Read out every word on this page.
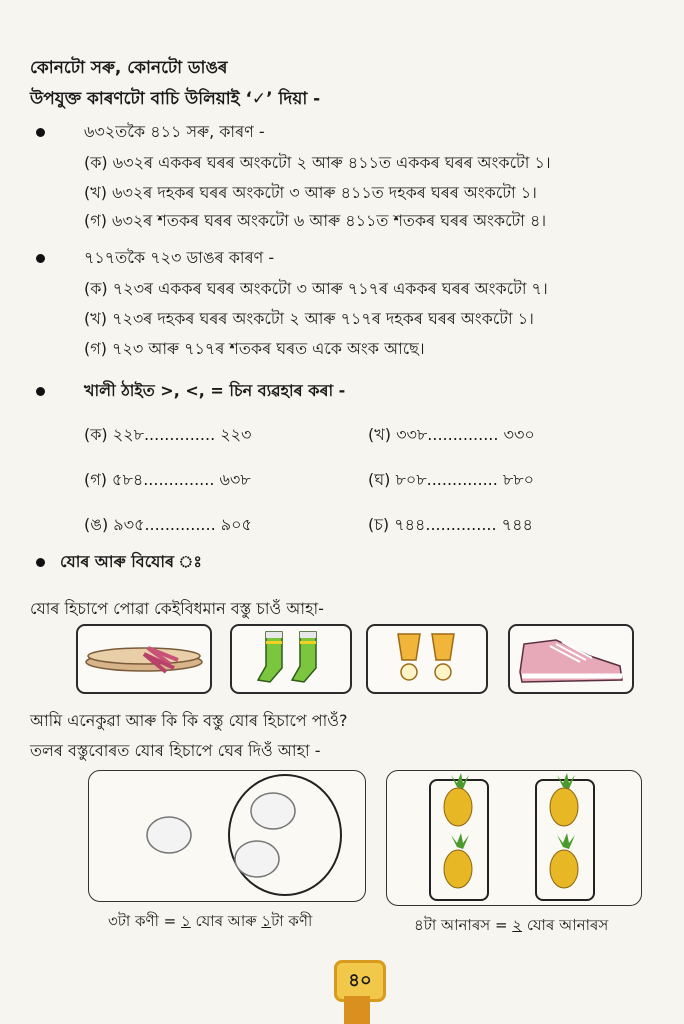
কোনটো সৰু, কোনটো ডাঙৰ
উপযুক্ত কাৰণটো বাচি উলিয়াই ‘✓’ দিয়া -
৬৩২তকৈ ৪১১ সৰু, কাৰণ -
(ক) ৬৩২ৰ এককৰ ঘৰৰ অংকটো ২ আৰু ৪১১ত এককৰ ঘৰৰ অংকটো ১।
(খ) ৬৩২ৰ দহকৰ ঘৰৰ অংকটো ৩ আৰু ৪১১ত দহকৰ ঘৰৰ অংকটো ১।
(গ) ৬৩২ৰ শতকৰ ঘৰৰ অংকটো ৬ আৰু ৪১১ত শতকৰ ঘৰৰ অংকটো ৪।
৭১৭তকৈ ৭২৩ ডাঙৰ কাৰণ -
(ক) ৭২৩ৰ এককৰ ঘৰৰ অংকটো ৩ আৰু ৭১৭ৰ এককৰ ঘৰৰ অংকটো ৭।
(খ) ৭২৩ৰ দহকৰ ঘৰৰ অংকটো ২ আৰু ৭১৭ৰ দহকৰ ঘৰৰ অংকটো ১।
(গ) ৭২৩ আৰু ৭১৭ৰ শতকৰ ঘৰত একে অংক আছে।
খালী ঠাইত >, <, = চিন ব্যৱহাৰ কৰা -
(ক) ২২৮.............. ২২৩	(খ) ৩৩৮.............. ৩৩০
(গ) ৫৮৪.............. ৬৩৮	(ঘ) ৮০৮.............. ৮৮০
(ঙ) ৯৩৫.............. ৯০৫	(চ) ৭৪৪.............. ৭৪৪
যোৰ আৰু বিযোৰ ঃ
যোৰ হিচাপে পোৱা কেইবিধমান বস্তু চাওঁ আহা-
আমি এনেকুৱা আৰু কি কি বস্তু যোৰ হিচাপে পাওঁ?
তলৰ বস্তুবোৰত যোৰ হিচাপে ঘেৰ দিওঁ আহা -
৩টা কণী = ১ যোৰ আৰু ১টা কণী	৪টা আনাৰস = ২ যোৰ আনাৰস
৪০
